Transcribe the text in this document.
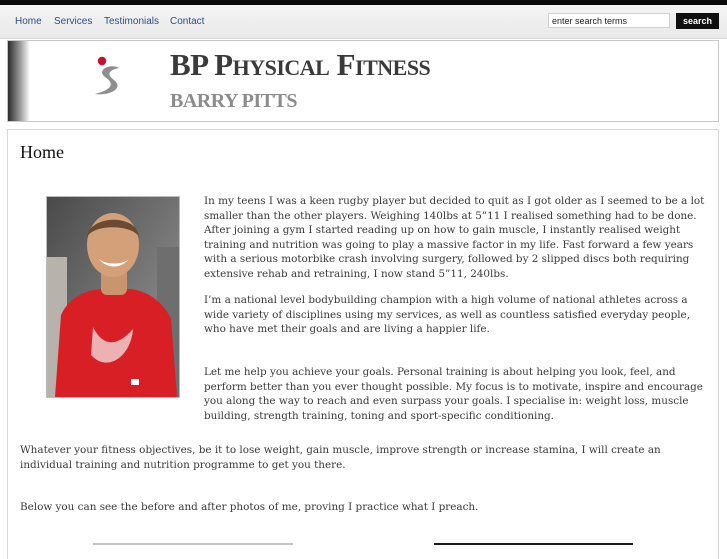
Home Services Testimonials Contact
enter search terms	search
BP Physical Fitness
BARRY PITTS
Home

In my teens I was a keen rugby player but decided to quit as I got older as I seemed to be a lot smaller than the other players. Weighing 140lbs at 5”11 I realised something had to be done. After joining a gym I started reading up on how to gain muscle, I instantly realised weight training and nutrition was going to play a massive factor in my life. Fast forward a few years with a serious motorbike crash involving surgery, followed by 2 slipped discs both requiring extensive rehab and retraining, I now stand 5”11, 240lbs.

I’m a national level bodybuilding champion with a high volume of national athletes across a wide variety of disciplines using my services, as well as countless satisfied everyday people, who have met their goals and are living a happier life.

Let me help you achieve your goals. Personal training is about helping you look, feel, and perform better than you ever thought possible. My focus is to motivate, inspire and encourage you along the way to reach and even surpass your goals. I specialise in: weight loss, muscle building, strength training, toning and sport-specific conditioning.

Whatever your fitness objectives, be it to lose weight, gain muscle, improve strength or increase stamina, I will create an individual training and nutrition programme to get you there.

Below you can see the before and after photos of me, proving I practice what I preach.
